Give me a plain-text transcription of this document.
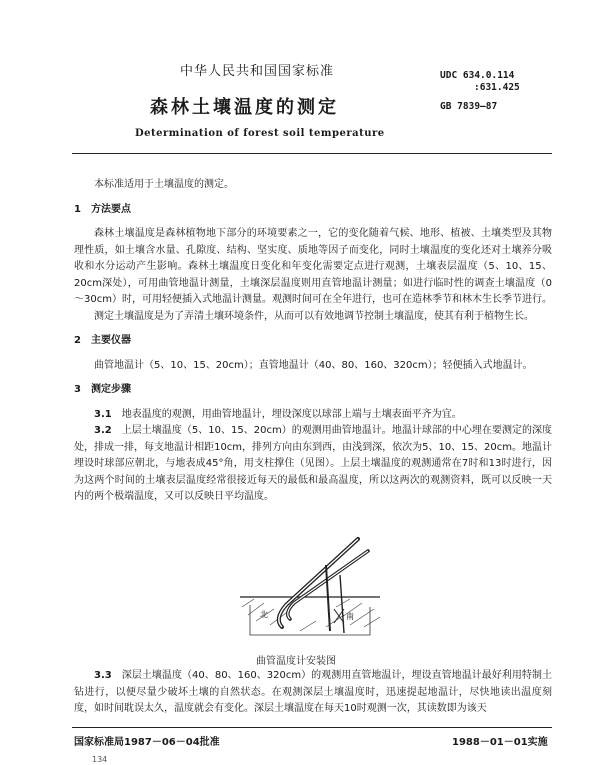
中华人民共和国国家标准
森林土壤温度的测定
Determination of forest soil temperature
UDC 634.0.114
:631.425
GB 7839—87

本标准适用于土壤温度的测定。

1　方法要点

森林土壤温度是森林植物地下部分的环境要素之一，它的变化随着气候、地形、植被、土壤类型及其物理性质，如土壤含水量、孔隙度、结构、坚实度、质地等因子而变化，同时土壤温度的变化还对土壤养分吸收和水分运动产生影响。森林土壤温度日变化和年变化需要定点进行观测，土壤表层温度（5、10、15、20cm深处），可用曲管地温计测量，土壤深层温度则用直管地温计测量；如进行临时性的调查土壤温度（0～30cm）时，可用轻便插入式地温计测量。观测时间可在全年进行，也可在造林季节和林木生长季节进行。

测定土壤温度是为了弄清土壤环境条件，从而可以有效地调节控制土壤温度，使其有利于植物生长。

2　主要仪器

曲管地温计（5、10、15、20cm）；直管地温计（40、80、160、320cm）；轻便插入式地温计。

3　测定步骤

3.1　 地表温度的观测，用曲管地温计，埋设深度以球部上端与土壤表面平齐为宜。

3.2　 上层土壤温度（5、10、15、20cm）的观测用曲管地温计。地温计球部的中心埋在要测定的深度处，排成一排，每支地温计相距10cm，排列方向由东到西，由浅到深，依次为5、10、15、20cm。地温计埋设时球部应朝北，与地表成45°角，用支柱撑住（见图）。上层土壤温度的观测通常在7时和13时进行，因为这两个时间的土壤表层温度经常很接近每天的最低和最高温度，所以这两次的观测资料，既可以反映一天内的两个极端温度，又可以反映日平均温度。

北	南
曲管温度计安装图

3.3　 深层土壤温度（40、80、160、320cm）的观测用直管地温计，埋设直管地温计最好利用特制土钻进行，以便尽量少破坏土壤的自然状态。在观测深层土壤温度时，迅速提起地温计，尽快地读出温度刻度，如时间耽误太久，温度就会有变化。深层土壤温度在每天10时观测一次，其读数即为该天

国家标准局1987－06－04批准	1988－01－01实施
134
